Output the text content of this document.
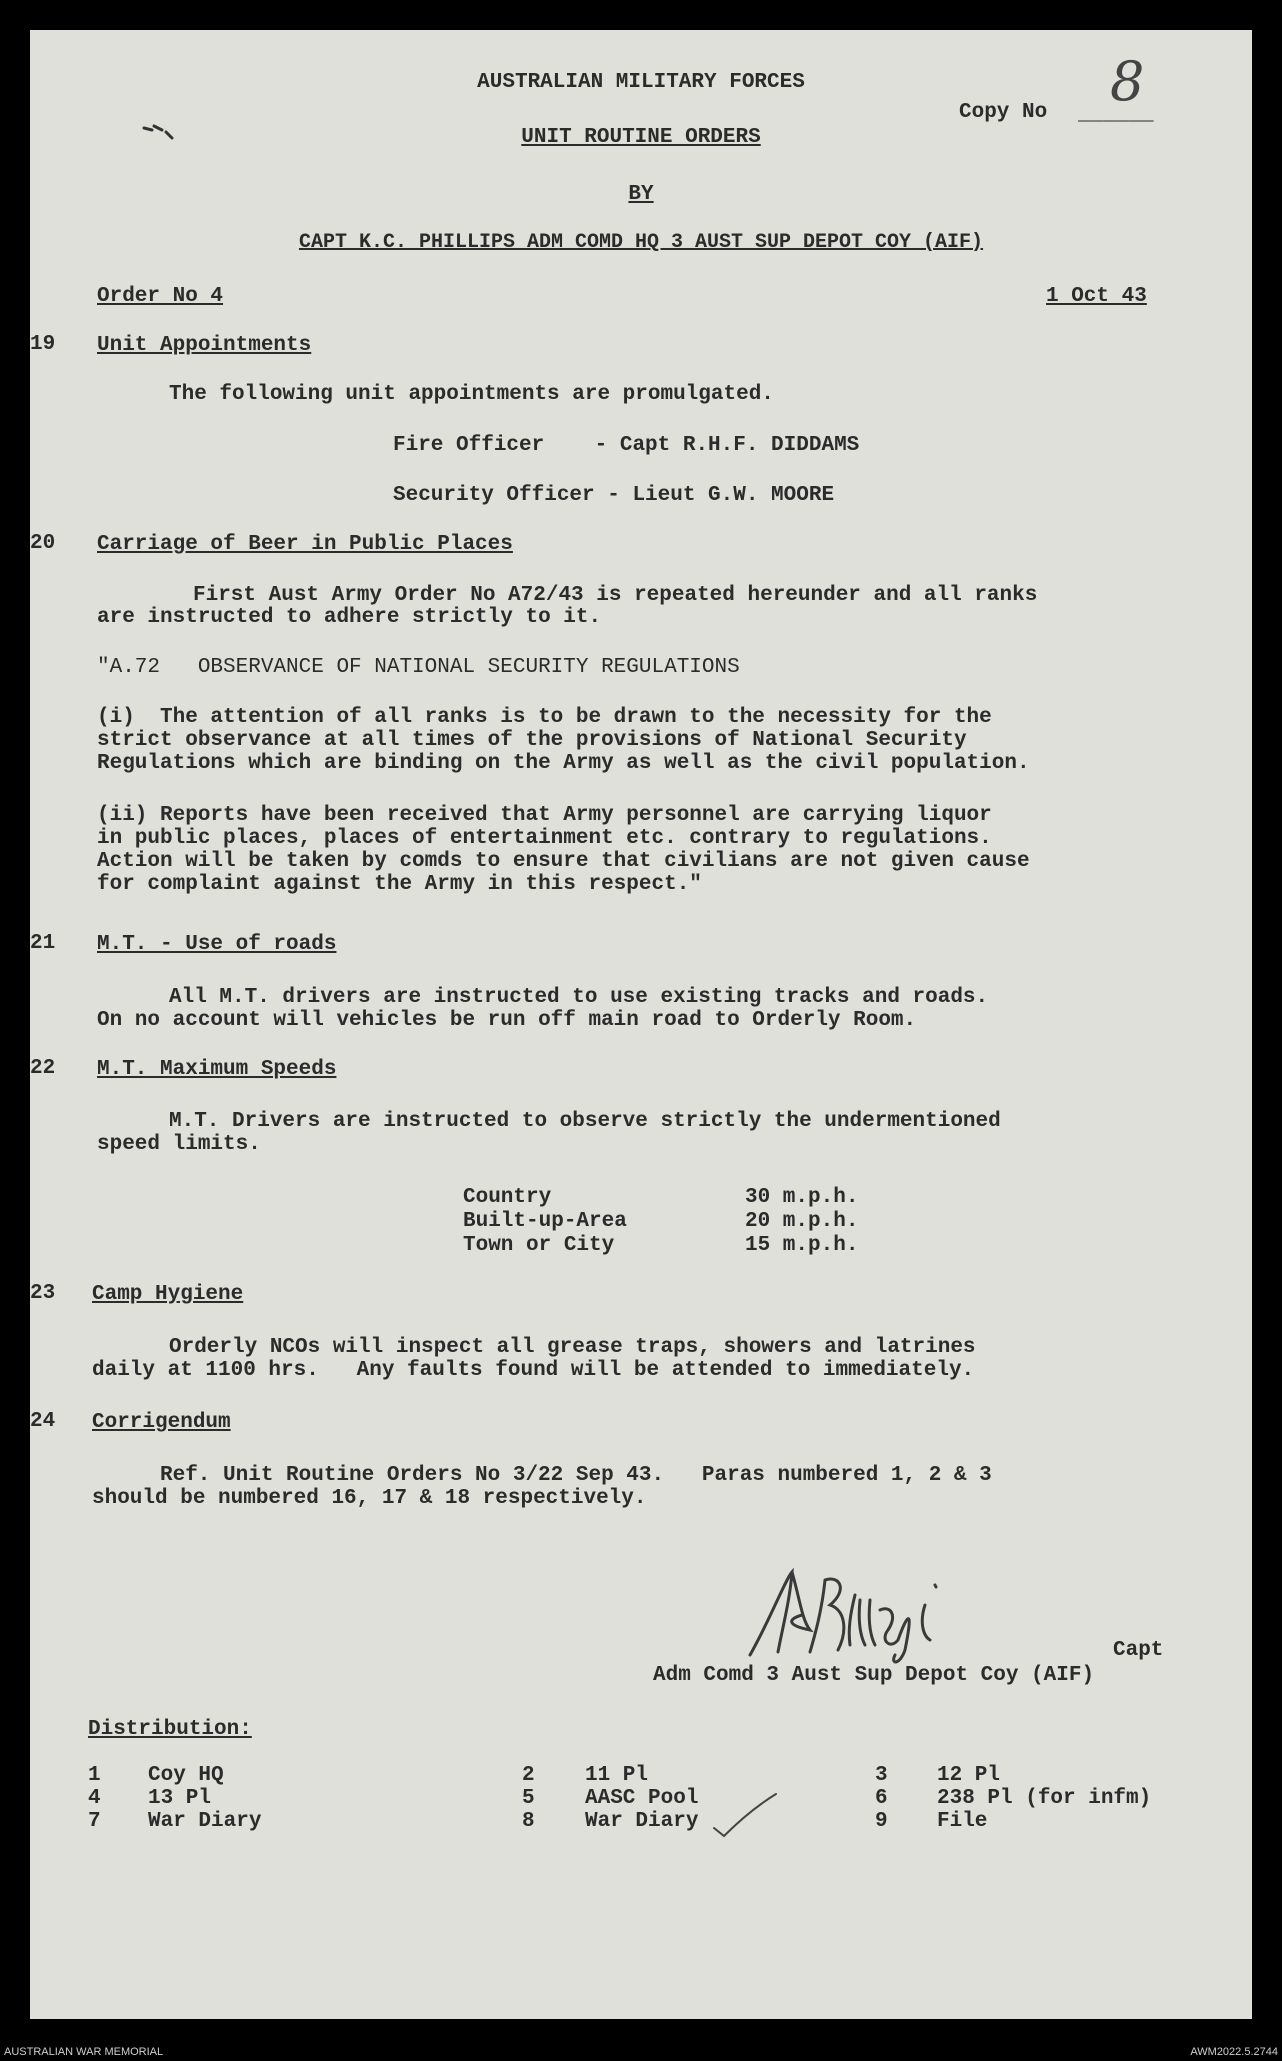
AUSTRALIAN MILITARY FORCES
Copy No ______
8
UNIT ROUTINE ORDERS
BY
CAPT K.C. PHILLIPS ADM COMD HQ 3 AUST SUP DEPOT COY (AIF)
Order No 4	1 Oct 43
19 Unit Appointments
The following unit appointments are promulgated.
Fire Officer    - Capt R.H.F. DIDDAMS
Security Officer - Lieut G.W. MOORE
20 Carriage of Beer in Public Places
First Aust Army Order No A72/43 is repeated hereunder and all ranks
are instructed to adhere strictly to it.
"A.72   OBSERVANCE OF NATIONAL SECURITY REGULATIONS
(i)  The attention of all ranks is to be drawn to the necessity for the
strict observance at all times of the provisions of National Security
Regulations which are binding on the Army as well as the civil population.
(ii) Reports have been received that Army personnel are carrying liquor
in public places, places of entertainment etc. contrary to regulations.
Action will be taken by comds to ensure that civilians are not given cause
for complaint against the Army in this respect."
21 M.T. - Use of roads
All M.T. drivers are instructed to use existing tracks and roads.
On no account will vehicles be run off main road to Orderly Room.
22 M.T. Maximum Speeds
M.T. Drivers are instructed to observe strictly the undermentioned
speed limits.
Country	30 m.p.h.
Built-up-Area	20 m.p.h.
Town or City	15 m.p.h.
23 Camp Hygiene
Orderly NCOs will inspect all grease traps, showers and latrines
daily at 1100 hrs.   Any faults found will be attended to immediately.
24 Corrigendum
Ref. Unit Routine Orders No 3/22 Sep 43.   Paras numbered 1, 2 & 3
should be numbered 16, 17 & 18 respectively.
Capt
Adm Comd 3 Aust Sup Depot Coy (AIF)
Distribution:
1 Coy HQ	2 11 Pl	3 12 Pl
4 13 Pl	5 AASC Pool	6 238 Pl (for infm)
7 War Diary	8 War Diary	9 File
AUSTRALIAN WAR MEMORIAL	AWM2022.5.2744
